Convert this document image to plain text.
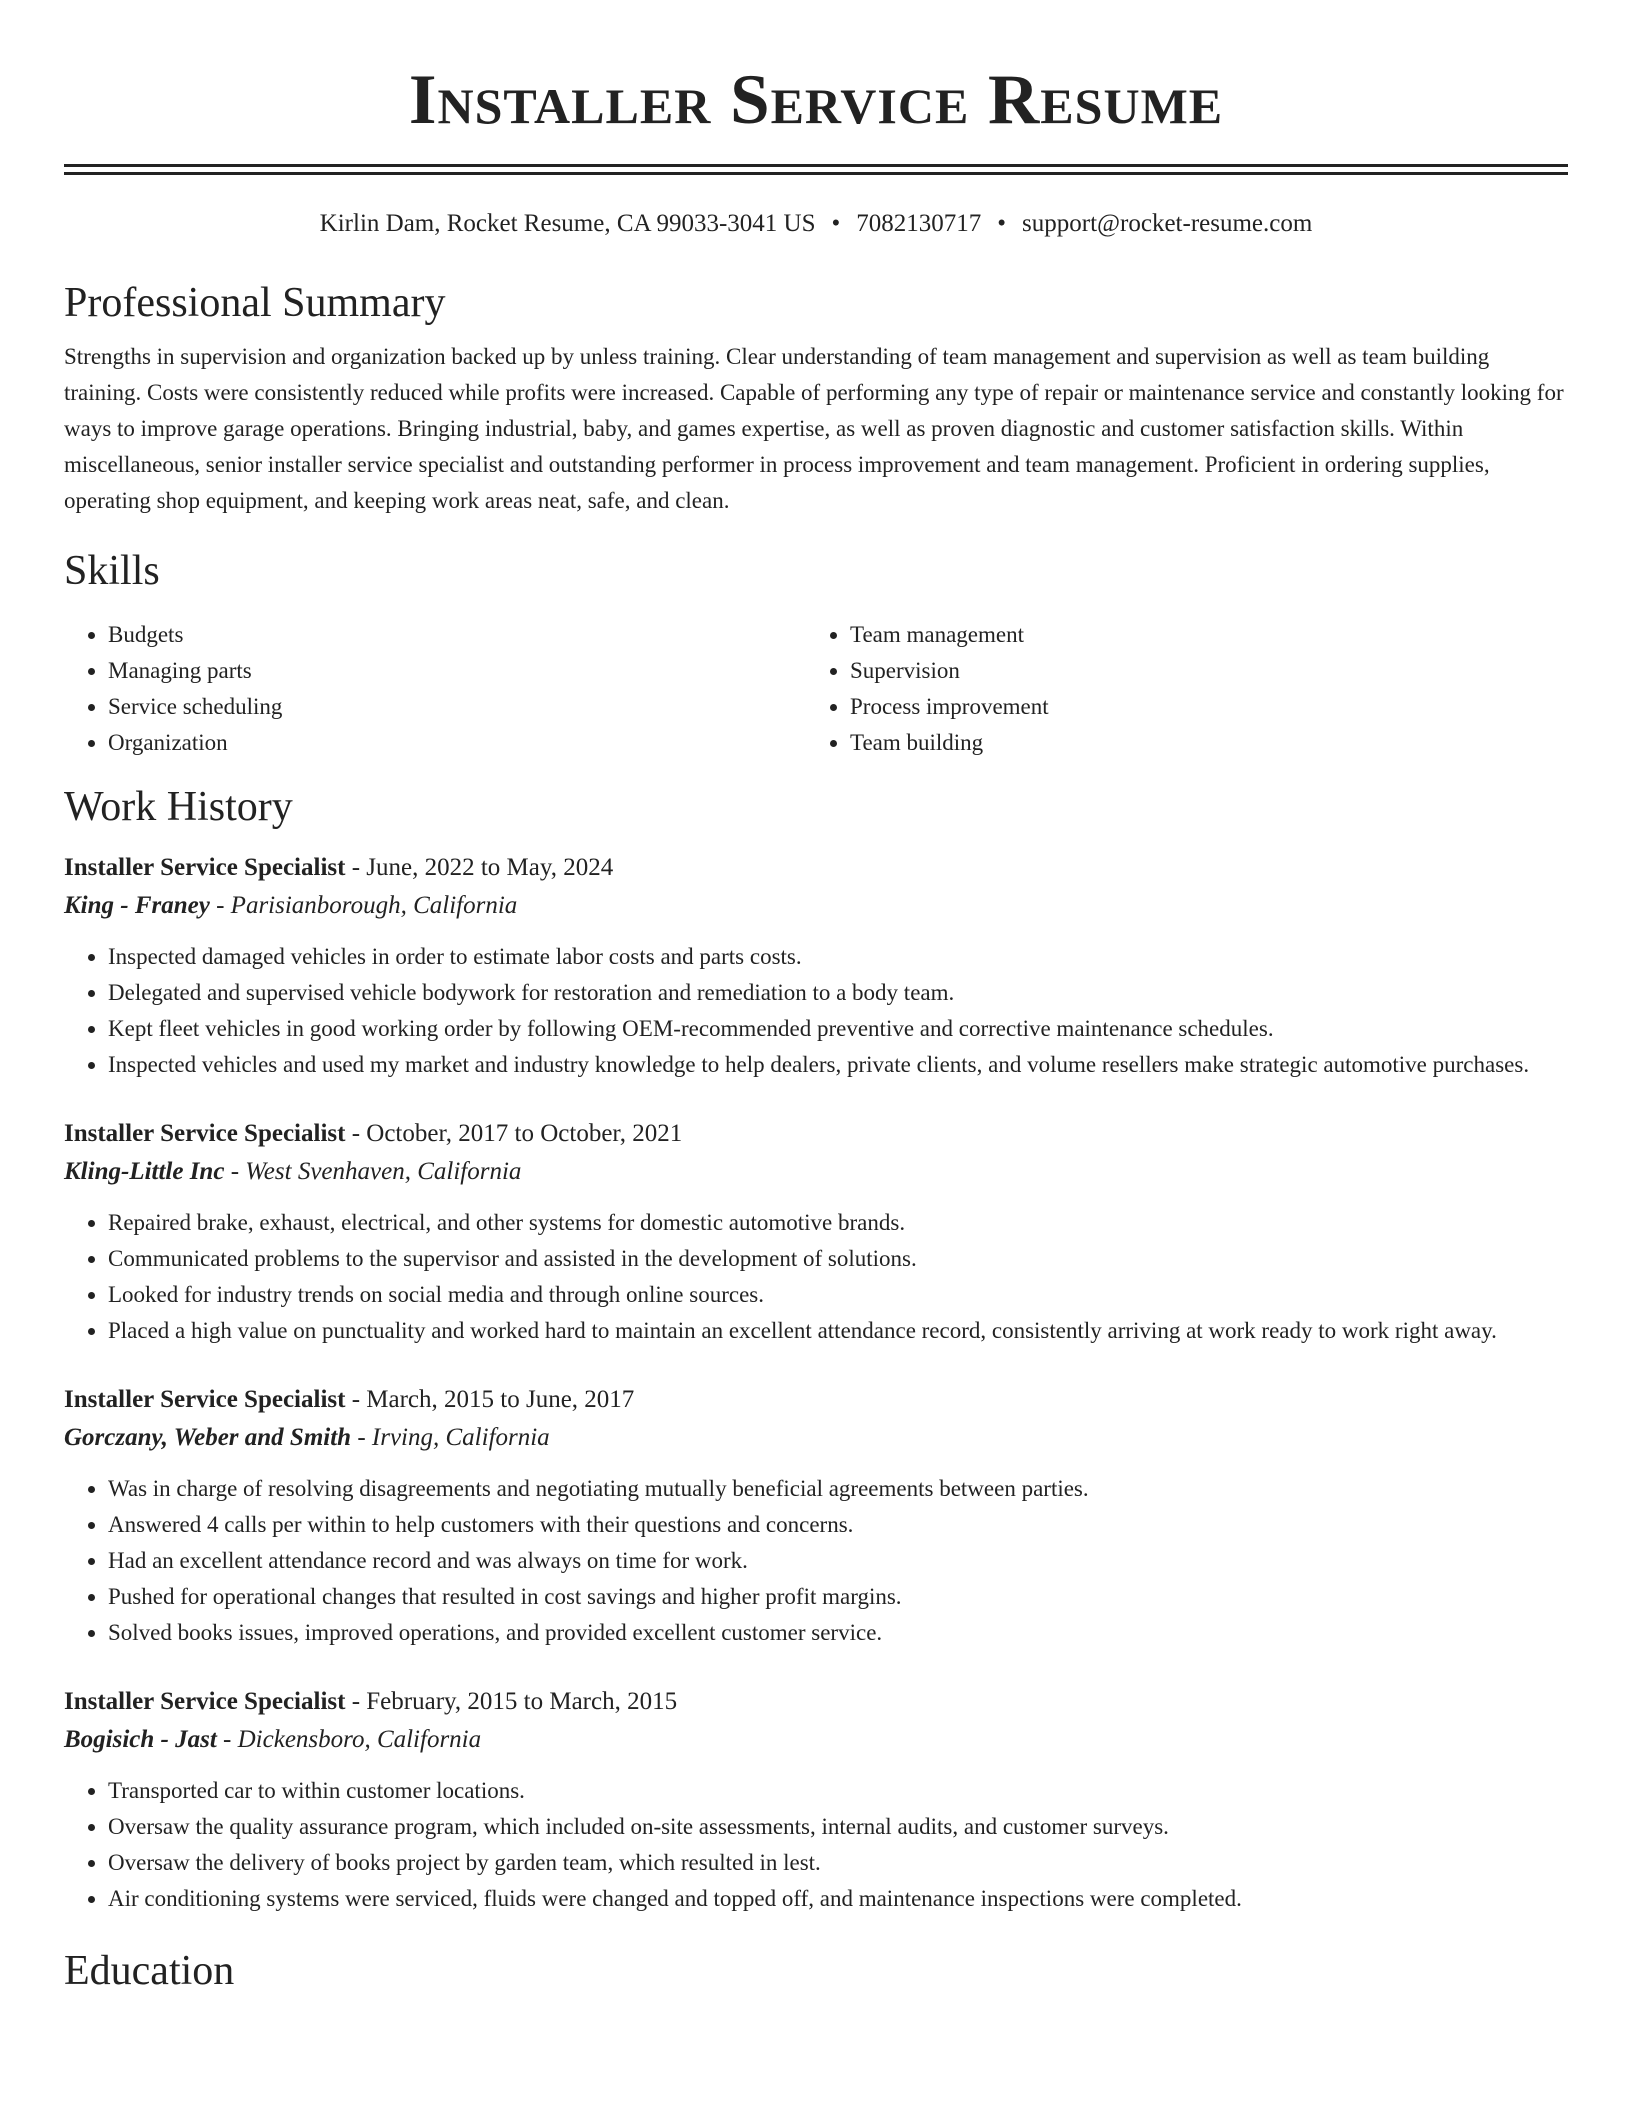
Installer Service Resume
Kirlin Dam, Rocket Resume, CA 99033-3041 US • 7082130717 • support@rocket-resume.com
Professional Summary

Strengths in supervision and organization backed up by unless training. Clear understanding of team management and supervision as well as team building training. Costs were consistently reduced while profits were increased. Capable of performing any type of repair or maintenance service and constantly looking for ways to improve garage operations. Bringing industrial, baby, and games expertise, as well as proven diagnostic and customer satisfaction skills. Within miscellaneous, senior installer service specialist and outstanding performer in process improvement and team management. Proficient in ordering supplies, operating shop equipment, and keeping work areas neat, safe, and clean.

Skills
• Budgets
• Managing parts
• Service scheduling
• Organization
• Team management
• Supervision
• Process improvement
• Team building
Work History
Installer Service Specialist - June, 2022 to May, 2024
King - Franey - Parisianborough, California
• Inspected damaged vehicles in order to estimate labor costs and parts costs.
• Delegated and supervised vehicle bodywork for restoration and remediation to a body team.
• Kept fleet vehicles in good working order by following OEM-recommended preventive and corrective maintenance schedules.
• Inspected vehicles and used my market and industry knowledge to help dealers, private clients, and volume resellers make strategic automotive purchases.
Installer Service Specialist - October, 2017 to October, 2021
Kling-Little Inc - West Svenhaven, California
• Repaired brake, exhaust, electrical, and other systems for domestic automotive brands.
• Communicated problems to the supervisor and assisted in the development of solutions.
• Looked for industry trends on social media and through online sources.
• Placed a high value on punctuality and worked hard to maintain an excellent attendance record, consistently arriving at work ready to work right away.
Installer Service Specialist - March, 2015 to June, 2017
Gorczany, Weber and Smith - Irving, California
• Was in charge of resolving disagreements and negotiating mutually beneficial agreements between parties.
• Answered 4 calls per within to help customers with their questions and concerns.
• Had an excellent attendance record and was always on time for work.
• Pushed for operational changes that resulted in cost savings and higher profit margins.
• Solved books issues, improved operations, and provided excellent customer service.
Installer Service Specialist - February, 2015 to March, 2015
Bogisich - Jast - Dickensboro, California
• Transported car to within customer locations.
• Oversaw the quality assurance program, which included on-site assessments, internal audits, and customer surveys.
• Oversaw the delivery of books project by garden team, which resulted in lest.
• Air conditioning systems were serviced, fluids were changed and topped off, and maintenance inspections were completed.
Education
